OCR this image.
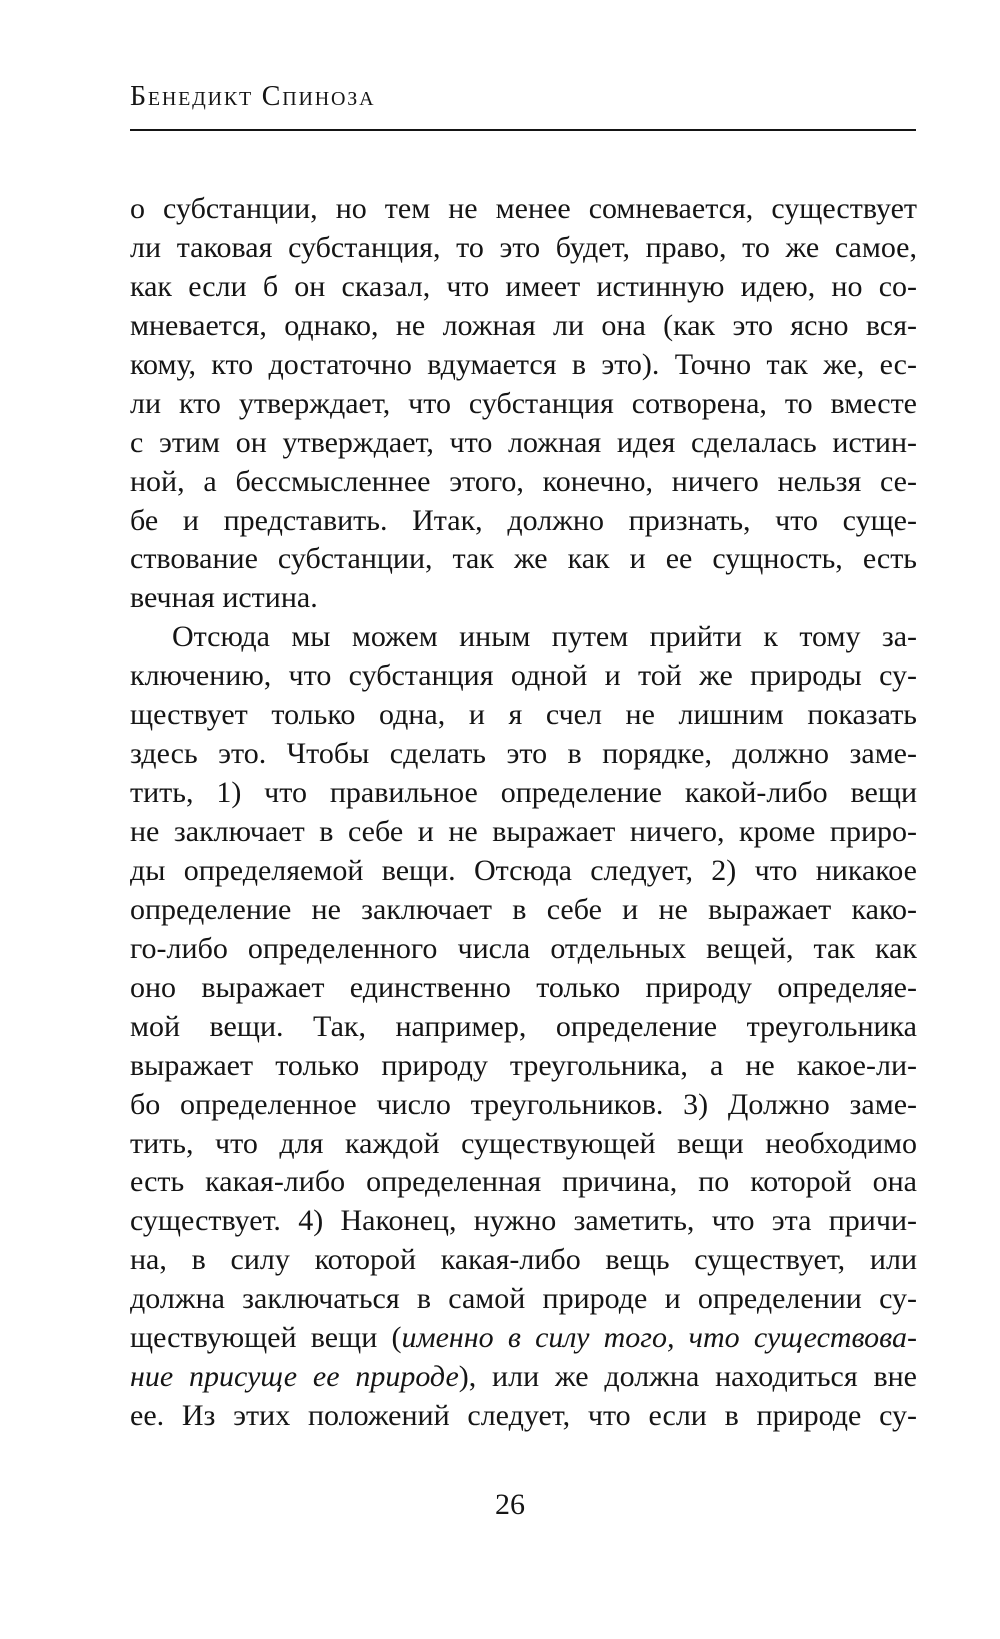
Бенедикт Спиноза
о субстанции, но тем не менее сомневается, существует
ли таковая субстанция, то это будет, право, то же самое,
как если б он сказал, что имеет истинную идею, но со-
мневается, однако, не ложная ли она (как это ясно вся-
кому, кто достаточно вдумается в это). Точно так же, ес-
ли кто утверждает, что субстанция сотворена, то вместе
с этим он утверждает, что ложная идея сделалась истин-
ной, а бессмысленнее этого, конечно, ничего нельзя се-
бе и представить. Итак, должно признать, что суще-
ствование субстанции, так же как и ее сущность, есть
вечная истина.
Отсюда мы можем иным путем прийти к тому за-
ключению, что субстанция одной и той же природы су-
ществует только одна, и я счел не лишним показать
здесь это. Чтобы сделать это в порядке, должно заме-
тить, 1) что правильное определение какой-либо вещи
не заключает в себе и не выражает ничего, кроме приро-
ды определяемой вещи. Отсюда следует, 2) что никакое
определение не заключает в себе и не выражает како-
го-либо определенного числа отдельных вещей, так как
оно выражает единственно только природу определяе-
мой вещи. Так, например, определение треугольника
выражает только природу треугольника, а не какое-ли-
бо определенное число треугольников. 3) Должно заме-
тить, что для каждой существующей вещи необходимо
есть какая-либо определенная причина, по которой она
существует. 4) Наконец, нужно заметить, что эта причи-
на, в силу которой какая-либо вещь существует, или
должна заключаться в самой природе и определении су-
ществующей вещи (именно в силу того, что существова-
ние присуще ее природе), или же должна находиться вне
ее. Из этих положений следует, что если в природе су-
26
